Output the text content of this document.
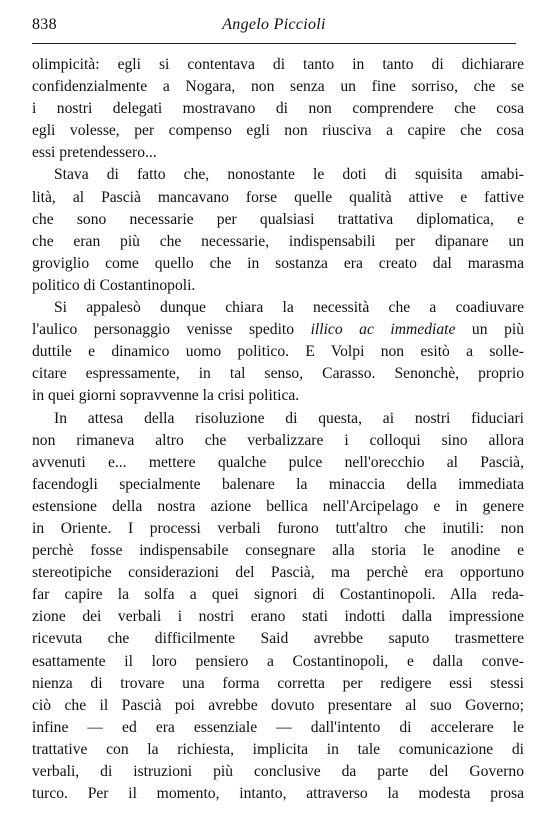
838	Angelo Piccioli
olimpicità: egli si contentava di tanto in tanto di dichiarare
confidenzialmente a Nogara, non senza un fine sorriso, che se
i nostri delegati mostravano di non comprendere che cosa
egli volesse, per compenso egli non riusciva a capire che cosa
essi pretendessero...
Stava di fatto che, nonostante le doti di squisita amabi-
lità, al Pascià mancavano forse quelle qualità attive e fattive
che sono necessarie per qualsiasi trattativa diplomatica, e
che eran più che necessarie, indispensabili per dipanare un
groviglio come quello che in sostanza era creato dal marasma
politico di Costantinopoli.
Si appalesò dunque chiara la necessità che a coadiuvare
l'aulico personaggio venisse spedito illico ac immediate un più
duttile e dinamico uomo politico. E Volpi non esitò a solle-
citare espressamente, in tal senso, Carasso. Senonchè, proprio
in quei giorni sopravvenne la crisi politica.
In attesa della risoluzione di questa, ai nostri fiduciari
non rimaneva altro che verbalizzare i colloqui sino allora
avvenuti e... mettere qualche pulce nell'orecchio al Pascià,
facendogli specialmente balenare la minaccia della immediata
estensione della nostra azione bellica nell'Arcipelago e in genere
in Oriente. I processi verbali furono tutt'altro che inutili: non
perchè fosse indispensabile consegnare alla storia le anodine e
stereotipiche considerazioni del Pascià, ma perchè era opportuno
far capire la solfa a quei signori di Costantinopoli. Alla reda-
zione dei verbali i nostri erano stati indotti dalla impressione
ricevuta che difficilmente Said avrebbe saputo trasmettere
esattamente il loro pensiero a Costantinopoli, e dalla conve-
nienza di trovare una forma corretta per redigere essi stessi
ciò che il Pascià poi avrebbe dovuto presentare al suo Governo;
infine — ed era essenziale — dall'intento di accelerare le
trattative con la richiesta, implicita in tale comunicazione di
verbali, di istruzioni più conclusive da parte del Governo
turco. Per il momento, intanto, attraverso la modesta prosa
